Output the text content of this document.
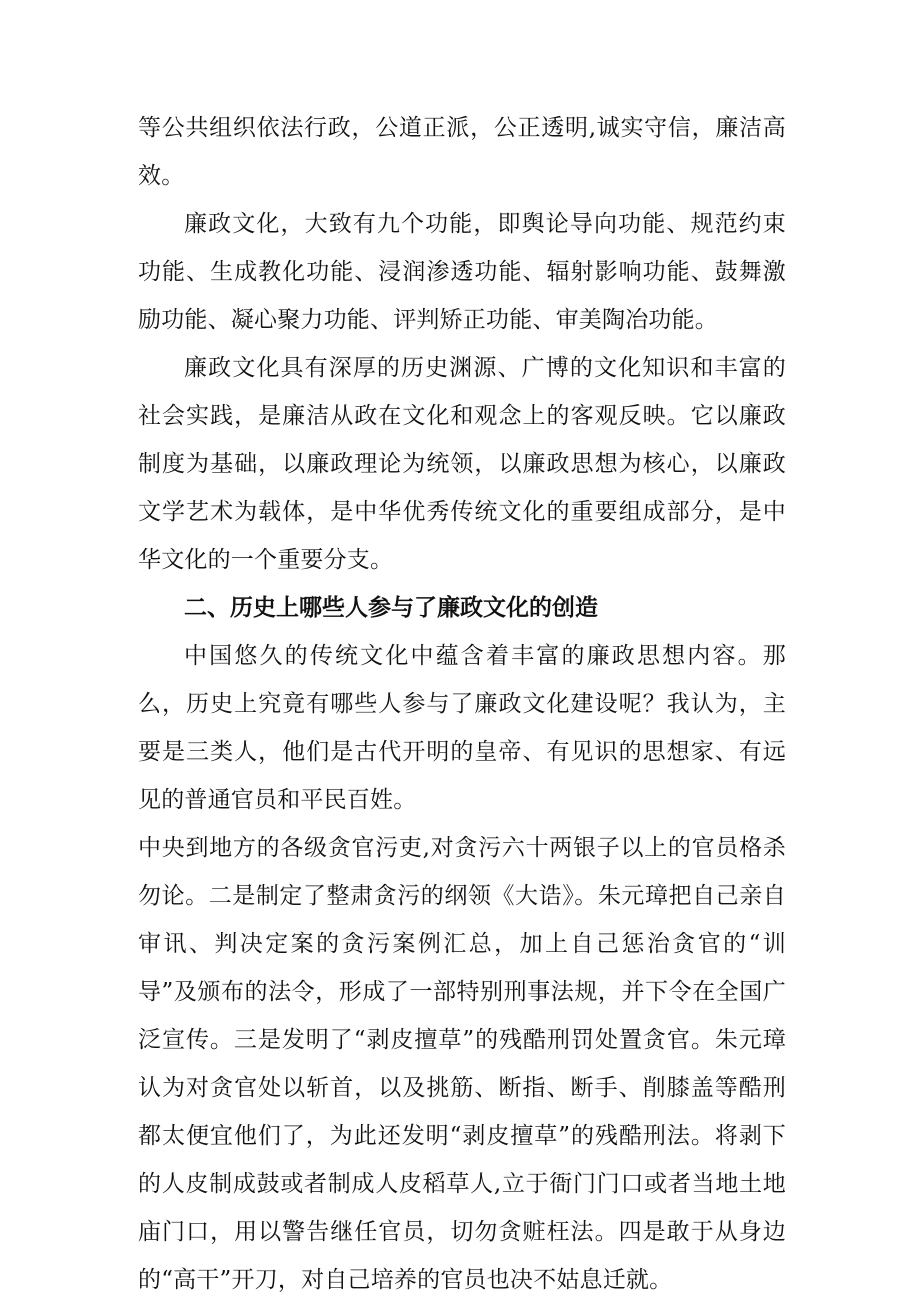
等公共组织依法行政，公道正派，公正透明,诚实守信，廉洁高效。

廉政文化，大致有九个功能，即舆论导向功能、规范约束功能、生成教化功能、浸润渗透功能、辐射影响功能、鼓舞激励功能、凝心聚力功能、评判矫正功能、审美陶冶功能。

廉政文化具有深厚的历史渊源、广博的文化知识和丰富的社会实践，是廉洁从政在文化和观念上的客观反映。它以廉政制度为基础，以廉政理论为统领，以廉政思想为核心，以廉政文学艺术为载体，是中华优秀传统文化的重要组成部分，是中华文化的一个重要分支。

二、历史上哪些人参与了廉政文化的创造

中国悠久的传统文化中蕴含着丰富的廉政思想内容。那么，历史上究竟有哪些人参与了廉政文化建设呢？我认为，主要是三类人，他们是古代开明的皇帝、有见识的思想家、有远见的普通官员和平民百姓。

中央到地方的各级贪官污吏,对贪污六十两银子以上的官员格杀勿论。二是制定了整肃贪污的纲领《大诰》。朱元璋把自己亲自审讯、判决定案的贪污案例汇总，加上自己惩治贪官的“训导”及颁布的法令，形成了一部特别刑事法规，并下令在全国广泛宣传。三是发明了“剥皮擅草”的残酷刑罚处置贪官。朱元璋认为对贪官处以斩首，以及挑筋、断指、断手、削膝盖等酷刑都太便宜他们了，为此还发明“剥皮擅草”的残酷刑法。将剥下的人皮制成鼓或者制成人皮稻草人,立于衙门门口或者当地土地庙门口，用以警告继任官员，切勿贪赃枉法。四是敢于从身边的“高干”开刀，对自己培养的官员也决不姑息迁就。
